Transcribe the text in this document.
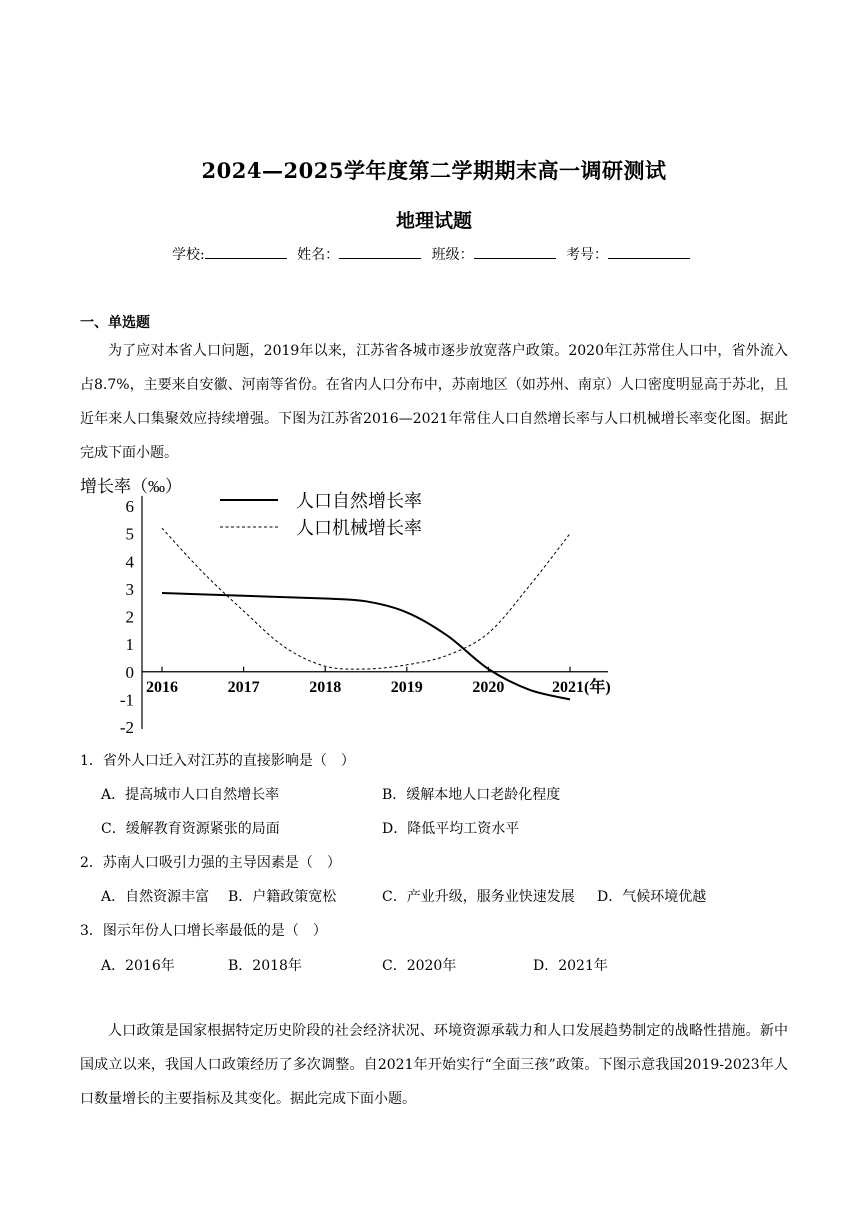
2024—2025学年度第二学期期末高一调研测试
地理试题
学校:	姓名：	班级：	考号：
一、单选题
为了应对本省人口问题，2019年以来，江苏省各城市逐步放宽落户政策。2020年江苏常住人口中，省外流入占8.7%，主要来自安徽、河南等省份。在省内人口分布中，苏南地区（如苏州、南京）人口密度明显高于苏北，且近年来人口集聚效应持续增强。下图为江苏省2016—2021年常住人口自然增长率与人口机械增长率变化图。据此完成下面小题。
增长率（‰）
6
5
4
3
2
1
0
-1
-2
2016	2017	2018	2019	2020	2021(年)
人口自然增长率
人口机械增长率
1．省外人口迁入对江苏的直接影响是（　）
A．提高城市人口自然增长率	B．缓解本地人口老龄化程度
C．缓解教育资源紧张的局面	D．降低平均工资水平
2．苏南人口吸引力强的主导因素是（　）
A．自然资源丰富 B．户籍政策宽松	C．产业升级，服务业快速发展 D．气候环境优越
3．图示年份人口增长率最低的是（　）
A．2016年	B．2018年	C．2020年	D．2021年
人口政策是国家根据特定历史阶段的社会经济状况、环境资源承载力和人口发展趋势制定的战略性措施。新中国成立以来，我国人口政策经历了多次调整。自2021年开始实行“全面三孩”政策。下图示意我国2019-2023年人口数量增长的主要指标及其变化。据此完成下面小题。
